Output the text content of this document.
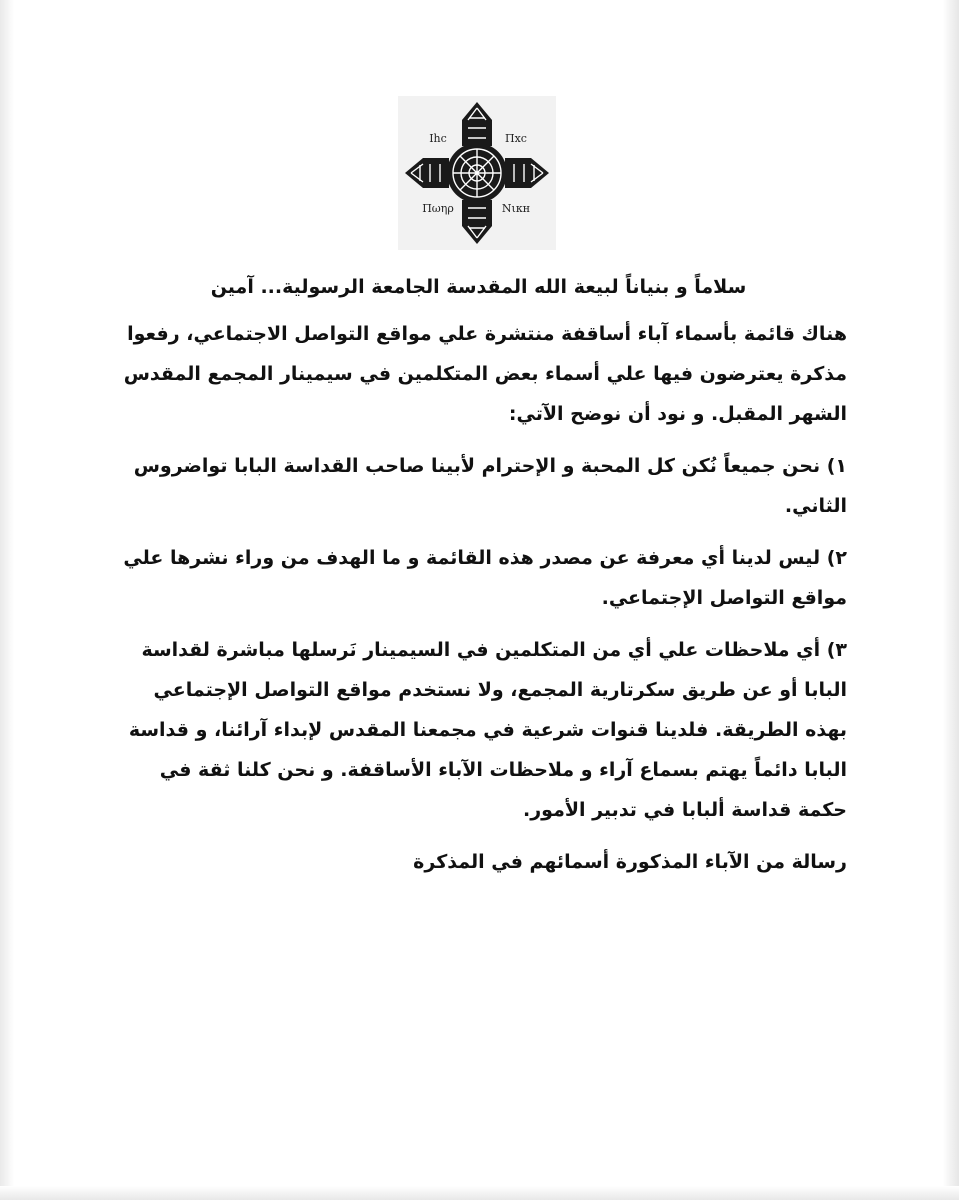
Ihc	Πxc
Πωηρ	Νιкн

سلاماً و بنياناً لبيعة الله المقدسة الجامعة الرسولية... آمين

هناك قائمة بأسماء آباء أساقفة منتشرة علي مواقع التواصل الاجتماعي، رفعوا مذكرة يعترضون فيها علي أسماء بعض المتكلمين في سيمينار المجمع المقدس الشهر المقبل. و نود أن نوضح الآتي:

١) نحن جميعاً نُكن كل المحبة و الإحترام لأبينا صاحب القداسة البابا تواضروس الثاني.

٢) ليس لدينا أي معرفة عن مصدر هذه القائمة و ما الهدف من وراء نشرها علي مواقع التواصل الإجتماعي.

٣) أي ملاحظات علي أي من المتكلمين في السيمينار نَرسلها مباشرة لقداسة البابا أو عن طريق سكرتارية المجمع، ولا نستخدم مواقع التواصل الإجتماعي بهذه الطريقة. فلدينا قنوات شرعية في مجمعنا المقدس لإبداء آرائنا، و قداسة البابا دائماً يهتم بسماع آراء و ملاحظات الآباء الأساقفة. و نحن كلنا ثقة في حكمة قداسة ألبابا في تدبير الأمور.

رسالة من الآباء المذكورة أسمائهم في المذكرة
